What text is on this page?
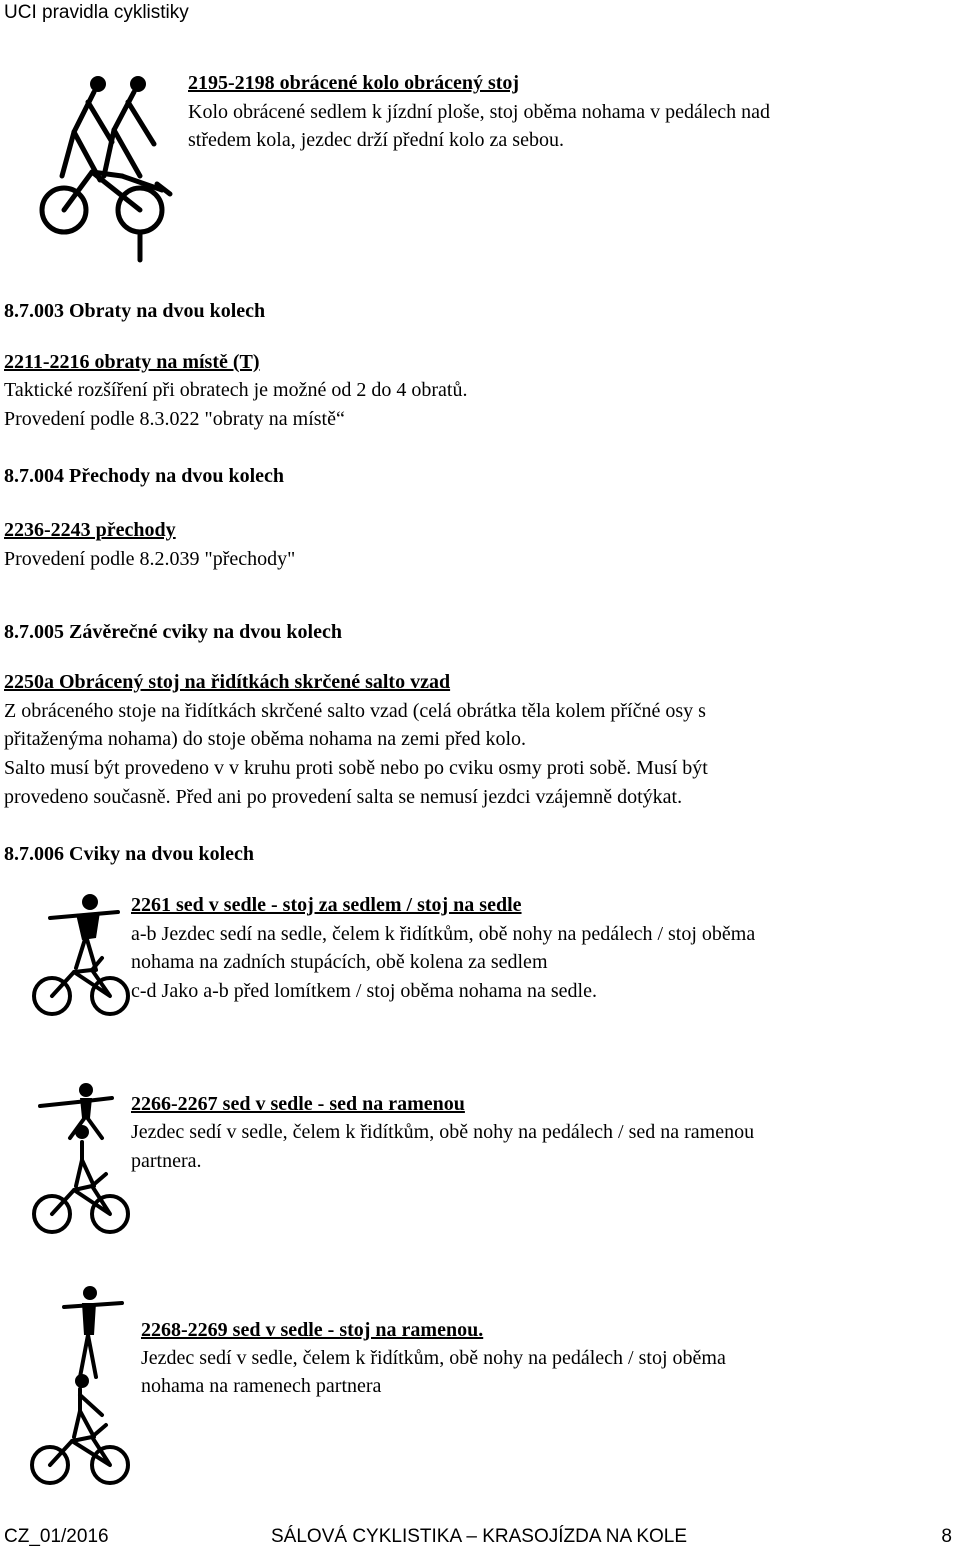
UCI pravidla cyklistiky
2195-2198 obrácené kolo obrácený stoj
Kolo obrácené sedlem k jízdní ploše, stoj oběma nohama v pedálech nad
středem kola, jezdec drží přední kolo za sebou.
8.7.003 Obraty na dvou kolech
2211-2216 obraty na místě (T)
Taktické rozšíření při obratech je možné od 2 do 4 obratů.
Provedení podle 8.3.022 "obraty na místě“
8.7.004 Přechody na dvou kolech
2236-2243 přechody
Provedení podle 8.2.039 "přechody"
8.7.005 Závěrečné cviky na dvou kolech
2250a Obrácený stoj na řidítkách skrčené salto vzad
Z obráceného stoje na řidítkách skrčené salto vzad (celá obrátka těla kolem příčné osy s
přitaženýma nohama) do stoje oběma nohama na zemi před kolo.
Salto musí být provedeno v v kruhu proti sobě nebo po cviku osmy proti sobě. Musí být
provedeno současně. Před ani po provedení salta se nemusí jezdci vzájemně dotýkat.
8.7.006 Cviky na dvou kolech
2261 sed v sedle - stoj za sedlem / stoj na sedle
a-b Jezdec sedí na sedle, čelem k řidítkům, obě nohy na pedálech / stoj oběma
nohama na zadních stupácích, obě kolena za sedlem
c-d Jako a-b před lomítkem / stoj oběma nohama na sedle.
2266-2267 sed v sedle - sed na ramenou
Jezdec sedí v sedle, čelem k řidítkům, obě nohy na pedálech / sed na ramenou
partnera.
2268-2269 sed v sedle - stoj na ramenou.
Jezdec sedí v sedle, čelem k řidítkům, obě nohy na pedálech / stoj oběma
nohama na ramenech partnera
CZ_01/2016	SÁLOVÁ CYKLISTIKA – KRASOJÍZDA NA KOLE	8
